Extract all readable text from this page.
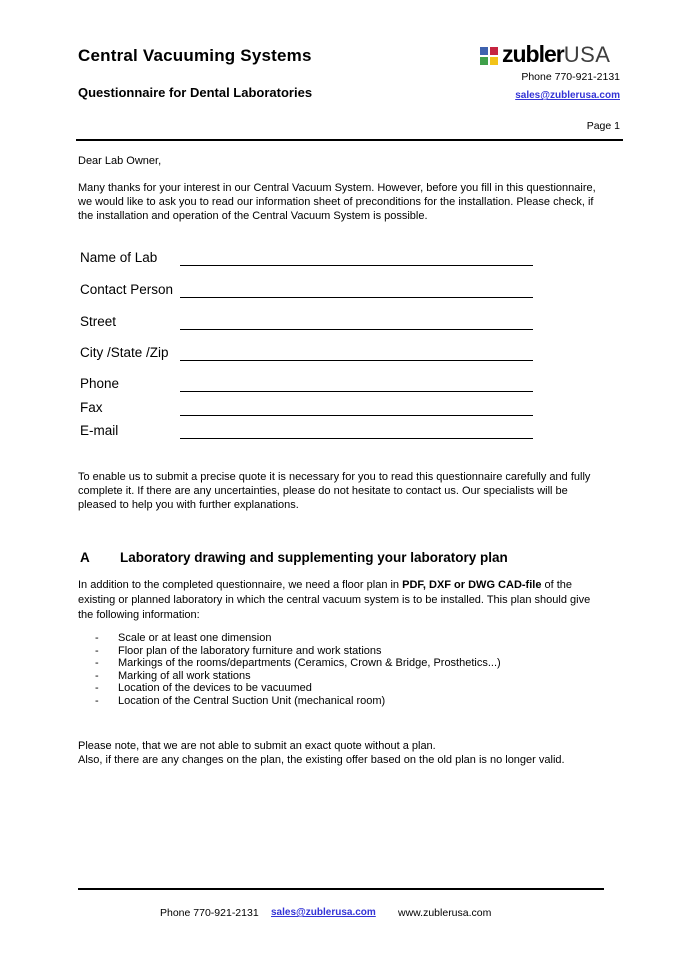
Central Vacuuming Systems
Questionnaire for Dental Laboratories
zubler USA
Phone 770-921-2131
sales@zublerusa.com
Page 1
Dear Lab Owner,
Many thanks for your interest in our Central Vacuum System. However, before you fill in this questionnaire, we would like to ask you to read our information sheet of preconditions for the installation. Please check, if the installation and operation of the Central Vacuum System is possible.
Name of Lab
Contact Person
Street
City /State /Zip
Phone
Fax
E-mail
To enable us to submit a precise quote it is necessary for you to read this questionnaire carefully and fully complete it. If there are any uncertainties, please do not hesitate to contact us. Our specialists will be pleased to help you with further explanations.
A Laboratory drawing and supplementing your laboratory plan
In addition to the completed questionnaire, we need a floor plan in PDF, DXF or DWG CAD-file of the existing or planned laboratory in which the central vacuum system is to be installed. This plan should give the following information:
-	Scale or at least one dimension
-	Floor plan of the laboratory furniture and work stations
-	Markings of the rooms/departments (Ceramics, Crown & Bridge, Prosthetics...)
-	Marking of all work stations
-	Location of the devices to be vacuumed
-	Location of the Central Suction Unit (mechanical room)
Please note, that we are not able to submit an exact quote without a plan.
Also, if there are any changes on the plan, the existing offer based on the old plan is no longer valid.
Phone 770-921-2131 sales@zublerusa.com www.zublerusa.com
